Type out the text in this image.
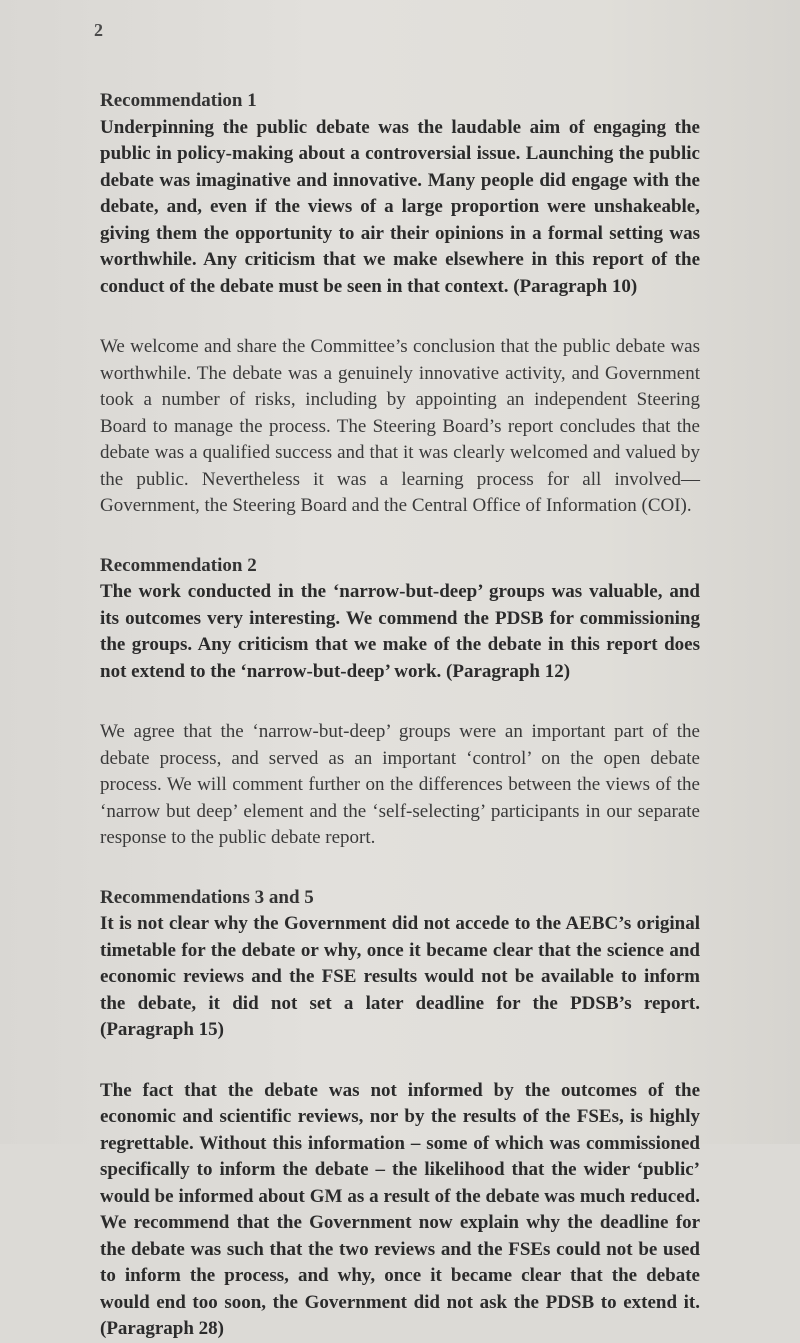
2

Recommendation 1

Underpinning the public debate was the laudable aim of engaging the public in policy-making about a controversial issue. Launching the public debate was imaginative and innovative. Many people did engage with the debate, and, even if the views of a large proportion were unshakeable, giving them the opportunity to air their opinions in a formal setting was worthwhile. Any criticism that we make elsewhere in this report of the conduct of the debate must be seen in that context. (Paragraph 10)

We welcome and share the Committee’s conclusion that the public debate was worthwhile. The debate was a genuinely innovative activity, and Government took a number of risks, including by appointing an independent Steering Board to manage the process. The Steering Board’s report concludes that the debate was a qualified success and that it was clearly welcomed and valued by the public. Nevertheless it was a learning process for all involved—Government, the Steering Board and the Central Office of Information (COI).

Recommendation 2

The work conducted in the ‘narrow-but-deep’ groups was valuable, and its outcomes very interesting. We commend the PDSB for commissioning the groups. Any criticism that we make of the debate in this report does not extend to the ‘narrow-but-deep’ work. (Paragraph 12)

We agree that the ‘narrow-but-deep’ groups were an important part of the debate process, and served as an important ‘control’ on the open debate process. We will comment further on the differences between the views of the ‘narrow but deep’ element and the ‘self-selecting’ participants in our separate response to the public debate report.

Recommendations 3 and 5

It is not clear why the Government did not accede to the AEBC’s original timetable for the debate or why, once it became clear that the science and economic reviews and the FSE results would not be available to inform the debate, it did not set a later deadline for the PDSB’s report. (Paragraph 15)

The fact that the debate was not informed by the outcomes of the economic and scientific reviews, nor by the results of the FSEs, is highly regrettable. Without this information – some of which was commissioned specifically to inform the debate – the likelihood that the wider ‘public’ would be informed about GM as a result of the debate was much reduced. We recommend that the Government now explain why the deadline for the debate was such that the two reviews and the FSEs could not be used to inform the process, and why, once it became clear that the debate would end too soon, the Government did not ask the PDSB to extend it. (Paragraph 28)
